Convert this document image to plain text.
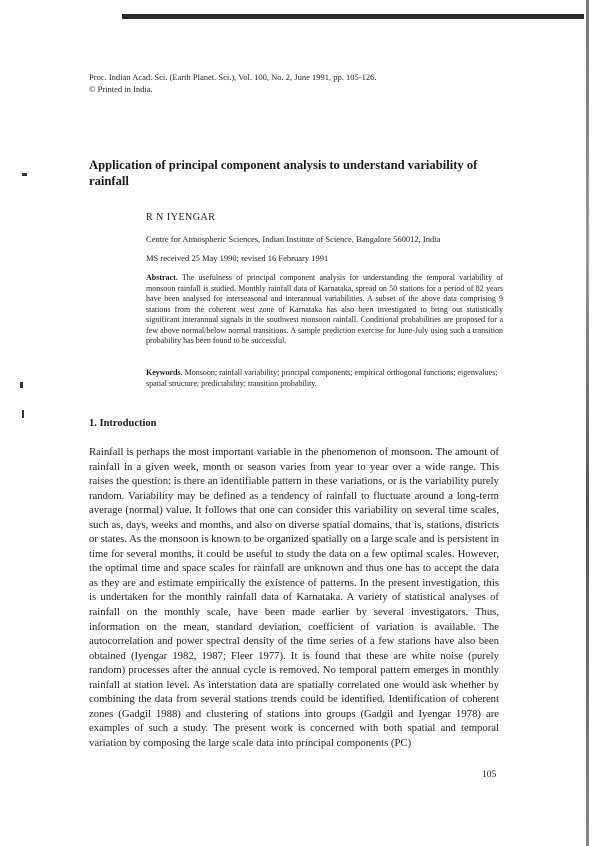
Proc. Indian Acad. Sci. (Earth Planet. Sci.), Vol. 100, No. 2, June 1991, pp. 105-126.
© Printed in India.
Application of principal component analysis to understand variability of rainfall
R N IYENGAR
Centre for Atmospheric Sciences, Indian Institute of Science, Bangalore 560012, India
MS received 25 May 1990; revised 16 February 1991
Abstract. The usefulness of principal component analysis for understanding the temporal variability of monsoon rainfall is studied. Monthly rainfall data of Karnataka, spread on 50 stations for a period of 82 years have been analysed for interseasonal and interannual variabilities. A subset of the above data comprising 9 stations from the coherent west zone of Karnataka has also been investigated to bring out statistically significant interannual signals in the southwest monsoon rainfall. Conditional probabilities are proposed for a few above normal/below normal transitions. A sample prediction exercise for June-July using such a transition probability has been found to be successful.
Keywords. Monsoon; rainfall variability; principal components; empirical orthogonal functions; eigenvalues; spatial structure; predictability; transition probability.
1. Introduction
Rainfall is perhaps the most important variable in the phenomenon of monsoon. The amount of rainfall in a given week, month or season varies from year to year over a wide range. This raises the question: is there an identifiable pattern in these variations, or is the variability purely random. Variability may be defined as a tendency of rainfall to fluctuate around a long-term average (normal) value. It follows that one can consider this variability on several time scales, such as, days, weeks and months, and also on diverse spatial domains, that is, stations, districts or states. As the monsoon is known to be organized spatially on a large scale and is persistent in time for several months, it could be useful to study the data on a few optimal scales. However, the optimal time and space scales for rainfall are unknown and thus one has to accept the data as they are and estimate empirically the existence of patterns. In the present investigation, this is undertaken for the monthly rainfall data of Karnataka. A variety of statistical analyses of rainfall on the monthly scale, have been made earlier by several investigators. Thus, information on the mean, standard deviation, coefficient of variation is available. The autocorrelation and power spectral density of the time series of a few stations have also been obtained (Iyengar 1982, 1987; Fleer 1977). It is found that these are white noise (purely random) processes after the annual cycle is removed. No temporal pattern emerges in monthly rainfall at station level. As interstation data are spatially correlated one would ask whether by combining the data from several stations trends could be identified. Identification of coherent zones (Gadgil 1988) and clustering of stations into groups (Gadgil and Iyengar 1978) are examples of such a study. The present work is concerned with both spatial and temporal variation by composing the large scale data into principal components (PC)
105
